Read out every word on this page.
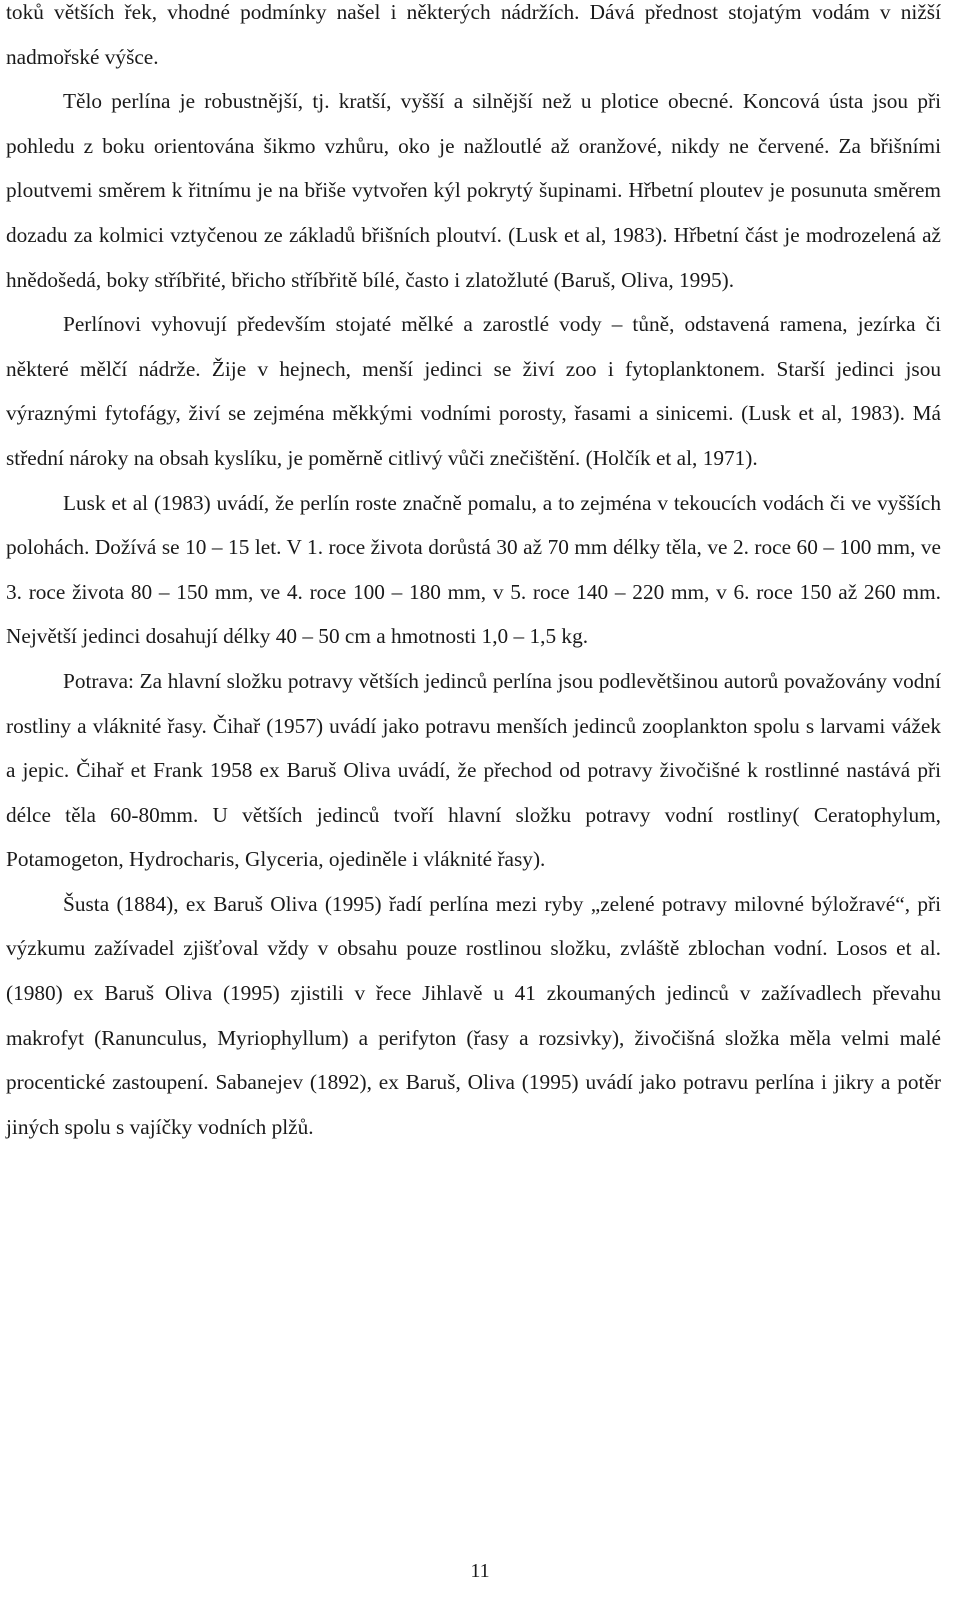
toků větších řek, vhodné podmínky našel i některých nádržích. Dává přednost stojatým vodám v nižší nadmořské výšce.

Tělo perlína je robustnější, tj. kratší, vyšší a silnější než u plotice obecné. Koncová ústa jsou při pohledu z boku orientována šikmo vzhůru, oko je nažloutlé až oranžové, nikdy ne červené. Za břišními ploutvemi směrem k řitnímu je na břiše vytvořen kýl pokrytý šupinami. Hřbetní ploutev je posunuta směrem dozadu za kolmici vztyčenou ze základů břišních ploutví. (Lusk et al, 1983). Hřbetní část je modrozelená až hnědošedá, boky stříbřité, břicho stříbřitě bílé, často i zlatožluté (Baruš, Oliva, 1995).

Perlínovi vyhovují především stojaté mělké a zarostlé vody – tůně, odstavená ramena, jezírka či některé mělčí nádrže. Žije v hejnech, menší jedinci se živí zoo i fytoplanktonem. Starší jedinci jsou výraznými fytofágy, živí se zejména měkkými vodními porosty, řasami a sinicemi. (Lusk et al, 1983). Má střední nároky na obsah kyslíku, je poměrně citlivý vůči znečištění. (Holčík et al, 1971).

Lusk et al (1983) uvádí, že perlín roste značně pomalu, a to zejména v tekoucích vodách či ve vyšších polohách. Dožívá se 10 – 15 let. V 1. roce života dorůstá 30 až 70 mm délky těla, ve 2. roce 60 – 100 mm, ve 3. roce života 80 – 150 mm, ve 4. roce 100 – 180 mm, v 5. roce 140 – 220 mm, v 6. roce 150 až 260 mm. Největší jedinci dosahují délky 40 – 50 cm a hmotnosti 1,0 – 1,5 kg.

Potrava: Za hlavní složku potravy větších jedinců perlína jsou podlevětšinou autorů považovány vodní rostliny a vláknité řasy. Čihař (1957) uvádí jako potravu menších jedinců zooplankton spolu s larvami vážek a jepic. Čihař et Frank 1958 ex Baruš Oliva uvádí, že přechod od potravy živočišné k rostlinné nastává při délce těla 60-80mm. U větších jedinců tvoří hlavní složku potravy vodní rostliny( Ceratophylum, Potamogeton, Hydrocharis, Glyceria, ojediněle i vláknité řasy).

Šusta (1884), ex Baruš Oliva (1995) řadí perlína mezi ryby „zelené potravy milovné býložravé“, při výzkumu zažívadel zjišťoval vždy v obsahu pouze rostlinou složku, zvláště zblochan vodní. Losos et al. (1980) ex Baruš Oliva (1995) zjistili v řece Jihlavě u 41 zkoumaných jedinců v zažívadlech převahu makrofyt (Ranunculus, Myriophyllum) a perifyton (řasy a rozsivky), živočišná složka měla velmi malé procentické zastoupení. Sabanejev (1892), ex Baruš, Oliva (1995) uvádí jako potravu perlína i jikry a potěr jiných spolu s vajíčky vodních plžů.

11
